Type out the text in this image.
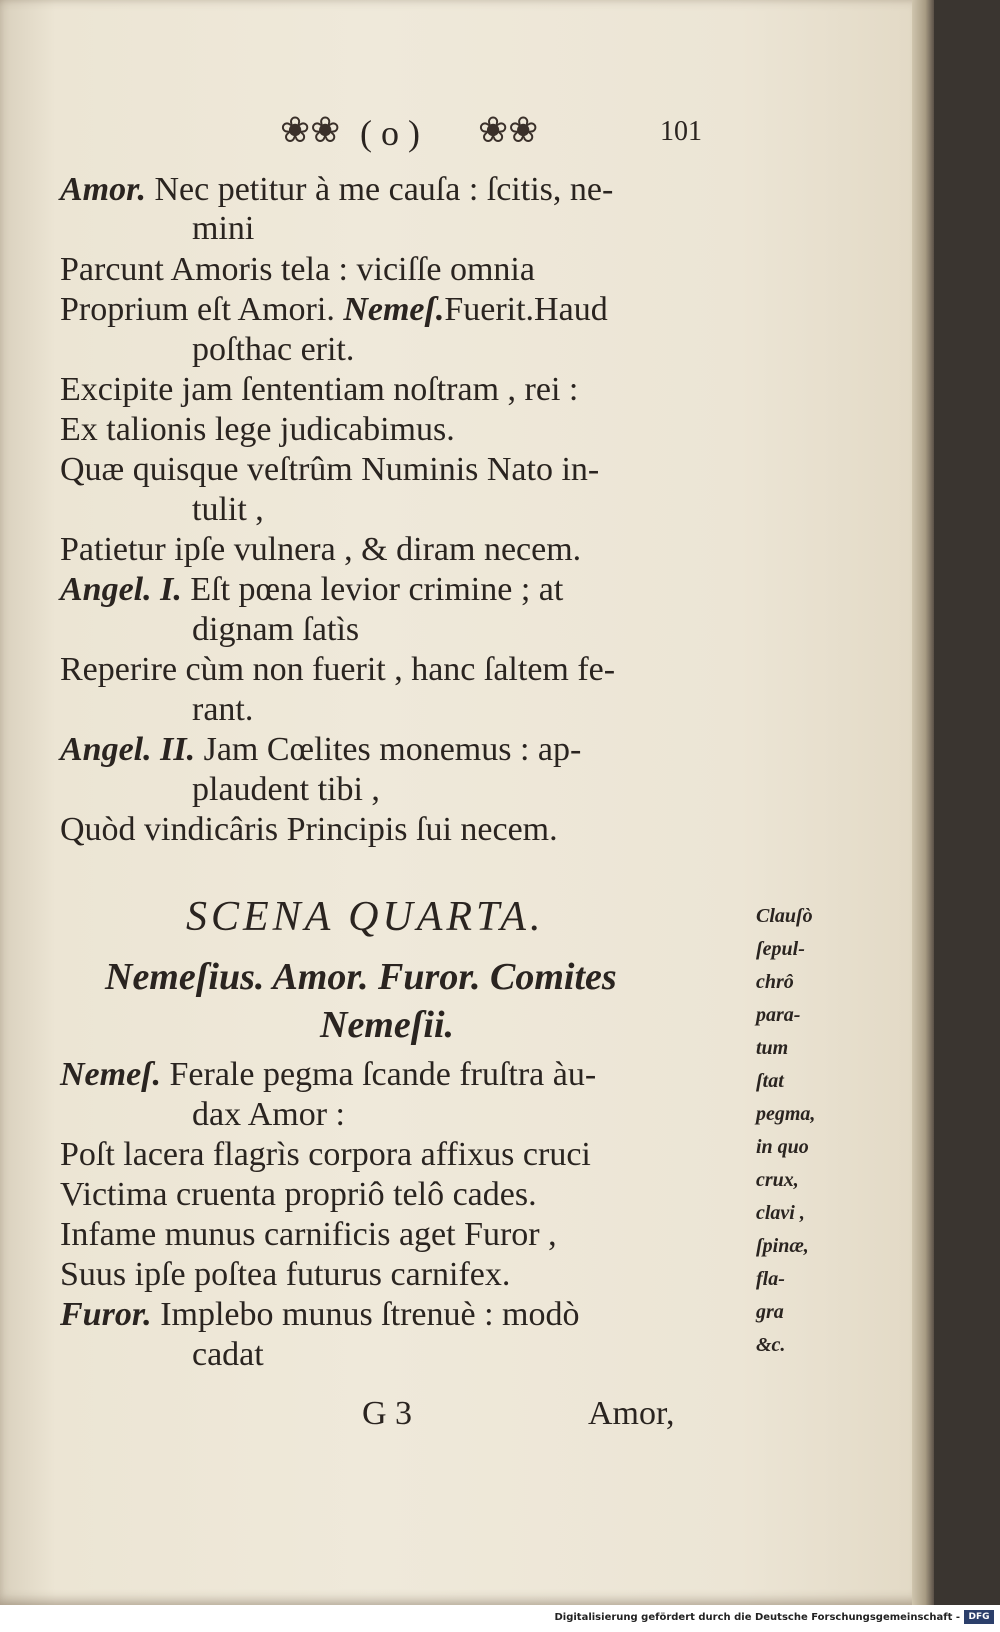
❀❀ ( o ) ❀❀	101
Amor. Nec petitur à me cauſa : ſcitis, ne-
mini
Parcunt Amoris tela : viciſſe omnia
Proprium eſt Amori. Nemeſ.Fuerit.Haud
poſthac erit.
Excipite jam ſententiam noſtram , rei :
Ex talionis lege judicabimus.
Quæ quisque veſtrûm Numinis Nato in-
tulit ,
Patietur ipſe vulnera , & diram necem.
Angel. I. Eſt pœna levior crimine ; at
dignam ſatìs
Reperire cùm non fuerit , hanc ſaltem fe-
rant.
Angel. II. Jam Cœlites monemus : ap-
plaudent tibi ,
Quòd vindicâris Principis ſui necem.
SCENA QUARTA.
Nemeſius. Amor. Furor. Comites
Nemeſii.
Nemeſ. Ferale pegma ſcande fruſtra àu-
dax Amor :
Poſt lacera flagrìs corpora affixus cruci
Victima cruenta propriô telô cades.
Infame munus carnificis aget Furor ,
Suus ipſe poſtea futurus carnifex.
Furor. Implebo munus ſtrenuè : modò
cadat
Clauſò
ſepul-
chrô
para-
tum
ſtat
pegma,
in quo
crux,
clavi ,
ſpinæ,
fla-
gra
&c.
G 3	Amor,
Digitalisierung gefördert durch die Deutsche Forschungsgemeinschaft - DFG
